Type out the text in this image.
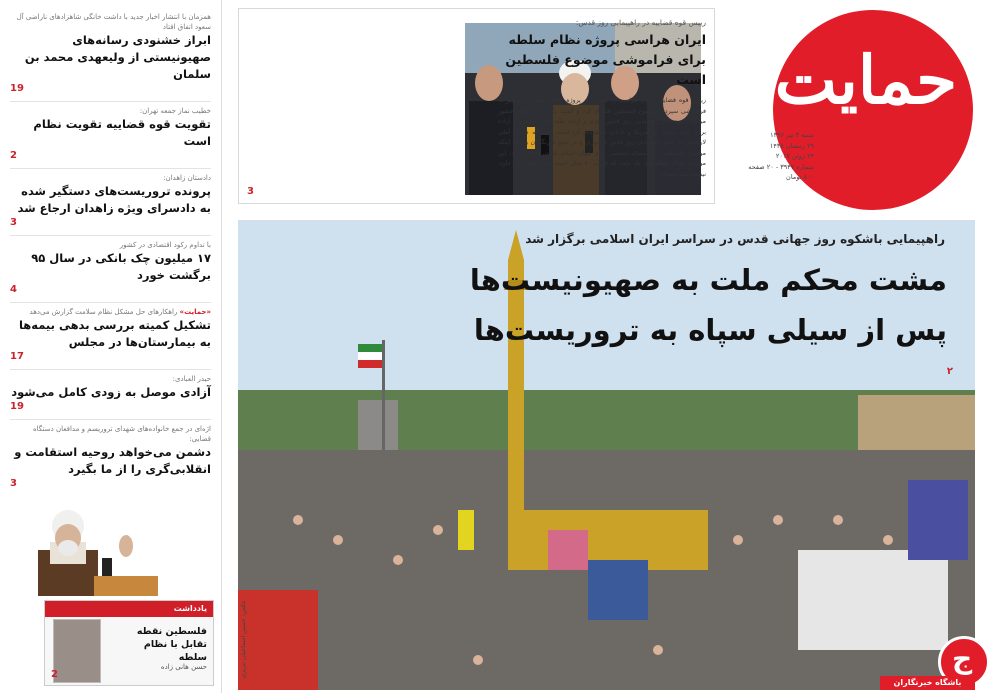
همزمان با انتشار اخبار جدید با داشت خانگی شاهزادهای ناراضی آل سعود اتفاق افتاد
ابراز خشنودی رسانه‌های صهیونیستی از ولیعهدی محمد بن سلمان
19
خطیب نماز جمعه تهران:
تقویت قوه قضاییه تقویت نظام است
2
دادستان زاهدان:
پرونده تروریست‌های دستگیر شده به دادسرای ویژه زاهدان ارجاع شد
3
با تداوم رکود اقتصادی در کشور
۱۷ میلیون چک بانکی در سال ۹۵ برگشت خورد
4
«حمایت» راهکارهای حل مشکل نظام سلامت گزارش می‌دهد
تشکیل کمیته بررسی بدهی بیمه‌ها به بیمارستان‌ها در مجلس
17
حیدر العبادی:
آزادی موصل به زودی کامل می‌شود
19
اژه‌ای در جمع خانواده‌های شهدای تروریسم و مدافعان دستگاه قضایی:
دشمن می‌خواهد روحیه استقامت و انقلابی‌گری را از ما بگیرد
3
یادداشت
فلسطین نقطه تقابل با نظام سلطه
حسن هانی زاده
2
رییس قوه قضاییه در راهپیمایی روز قدس:
ایران هراسی پروژه نظام سلطه برای فراموشی موضوع فلسطین است
رییس قوه قضاییه، ایران هراسی را بخشی از پروژه نظام سلطه در مسیر به فراموشی سپردن موضوع فلسطین قلمداد کرد و گفت: یکی از پیام‌های حضور میلیونی مردم در راهپیمایی روز قدس، عزم و اراده ملت‌های مسلمان و آزاده برای عدم تبعیت از آمریکا و اذناب منطقه‌ای آن است. آیت‌الله صادق آملی لاریجانی در جمع راهپیمایان روز قدس در تهران و در جمع خبرنگاران با بیان اینکه موضوع فلسطین، یک مساله اساسی برای جهان اسلام است، تصریح کرد: این موضوع بیانگر مظلومیت یک ملت که قریب ۷۰ سال است تحت ظلم قرار دارد، نیست بلکه مساله...
3
حمایت
شنبه ۳ تیر ۱۳۹۶
۲۹ رمضان ۱۴۳۸
۲۴ ژوئن ۲۰۱۷
شماره ۳۹۴۷ - ۲۰ صفحه
۸۰۰ تومان
راهپیمایی باشکوه روز جهانی قدس در سراسر ایران اسلامی برگزار شد
مشت محکم ملت به صهیونیست‌ها
پس از سیلی سپاه به تروریست‌ها
۲
عکس: حسین اسماعیلی تبریزی	ج
باشگاه خبرنگاران
